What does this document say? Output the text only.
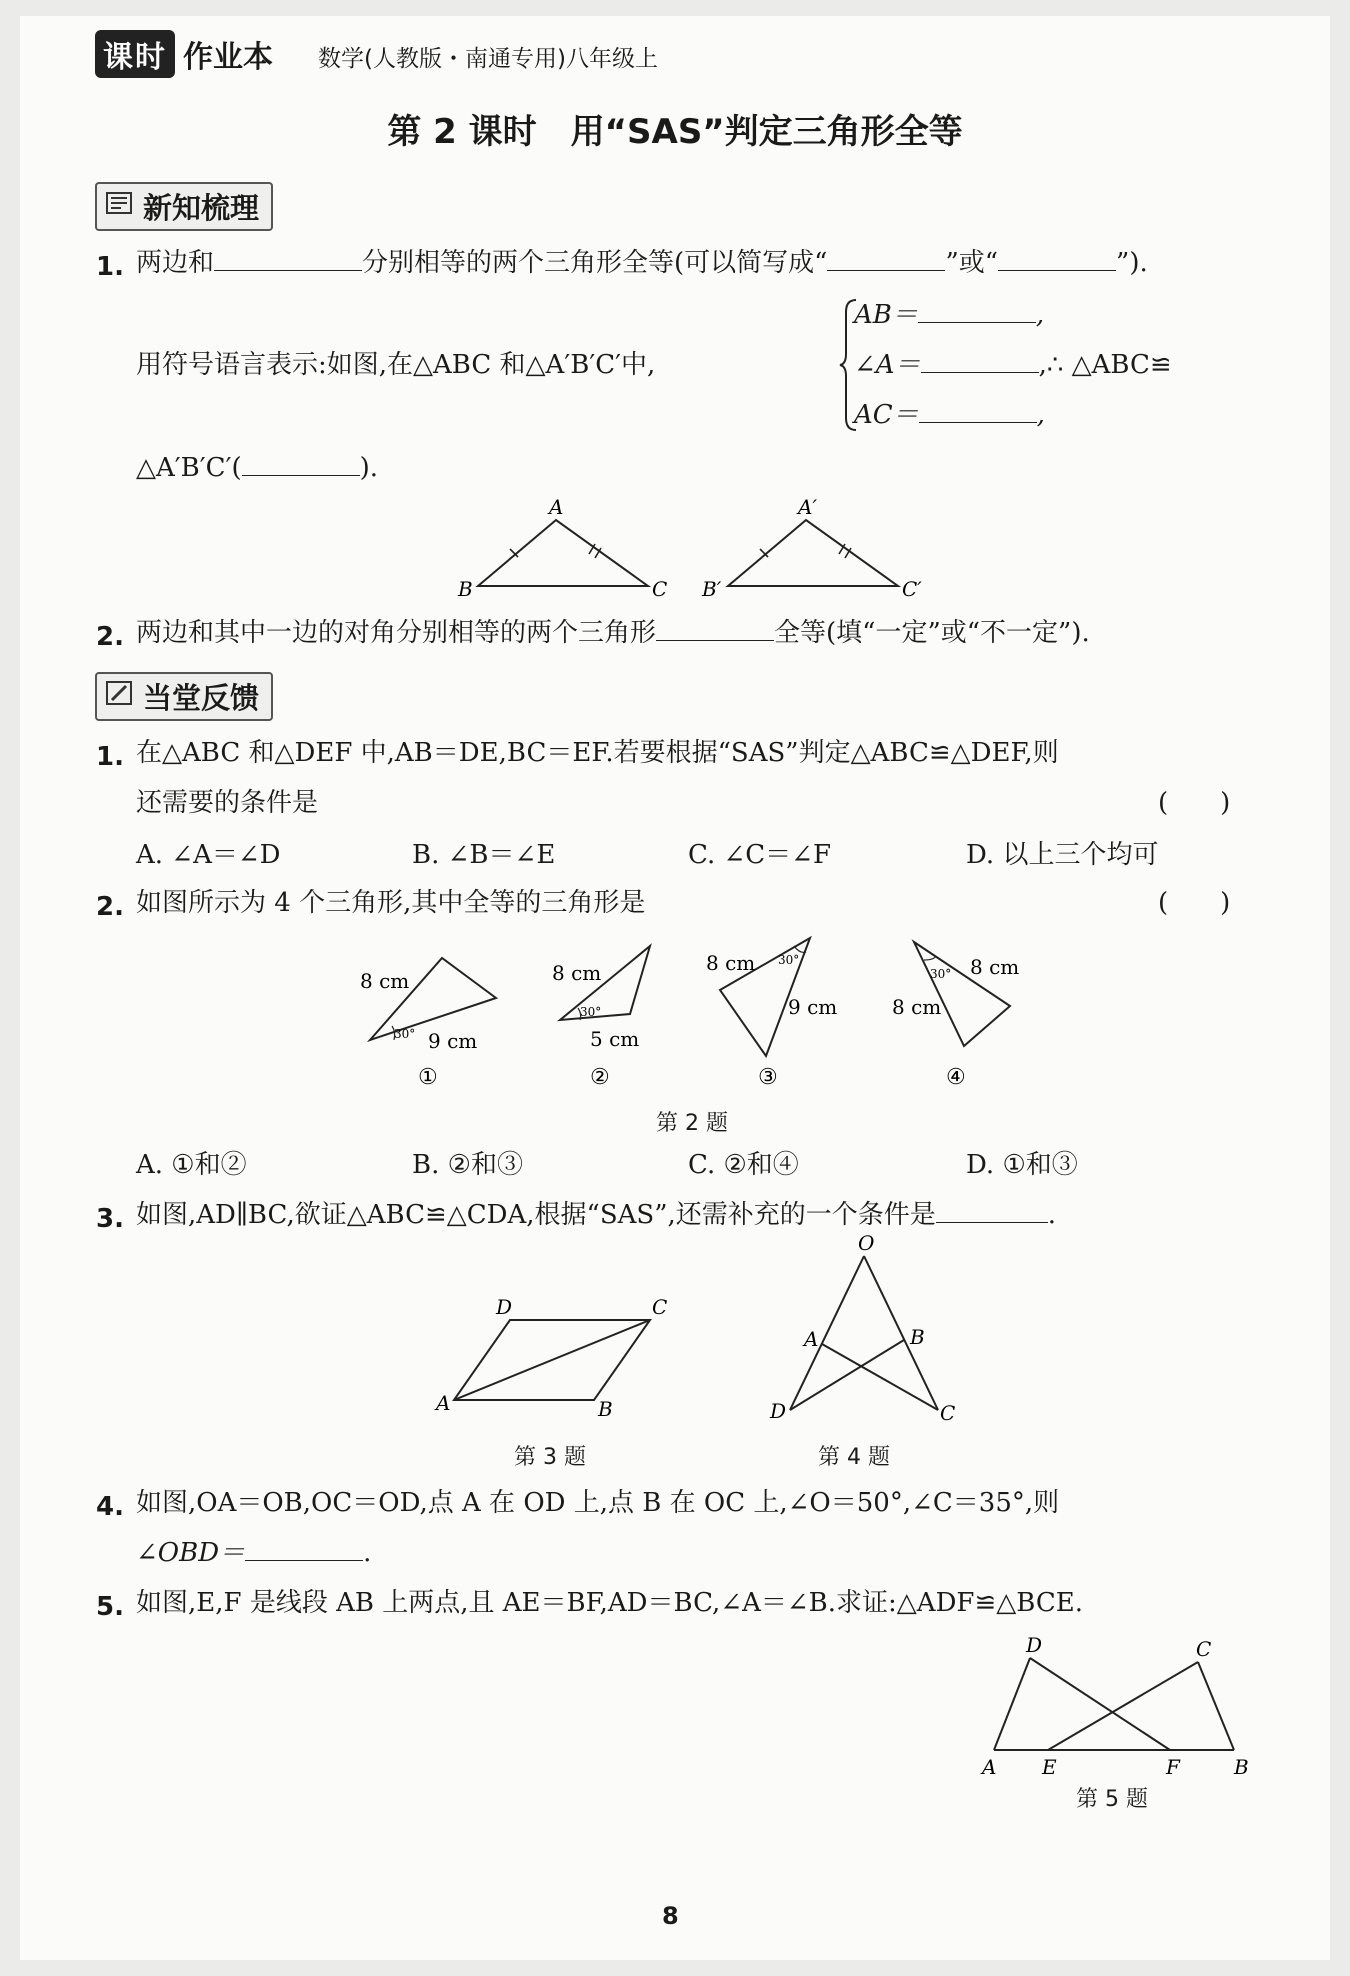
课时 作业本 数学(人教版・南通专用)八年级上
第 2 课时　用“SAS”判定三角形全等
新知梳理
1. 两边和	分别相等的两个三角形全等(可以简写成“	”或“	”).
用符号语言表示:如图,在△ABC 和△A′B′C′中,
AB＝	,
∠A＝	,∴ △ABC≌
AC＝	,
△A′B′C′(	).
A
B	C
A′
B′	C′
2. 两边和其中一边的对角分别相等的两个三角形	全等(填“一定”或“不一定”).
当堂反馈
1. 在△ABC 和△DEF 中,AB＝DE,BC＝EF.若要根据“SAS”判定△ABC≌△DEF,则
还需要的条件是	(　　)
A. ∠A＝∠D	B. ∠B＝∠E	C. ∠C＝∠F	D. 以上三个均可
2. 如图所示为 4 个三角形,其中全等的三角形是	(　　)
8 cm
30° 9 cm
①
8 cm
30°
5 cm
②
8 cm 30°
9 cm
③
30° 8 cm
8 cm
④
第 2 题
A. ①和②	B. ②和③	C. ②和④	D. ①和③
3. 如图,AD∥BC,欲证△ABC≌△CDA,根据“SAS”,还需补充的一个条件是	.
D	C
A	B
O
A	B
D	C
第 3 题	第 4 题
4. 如图,OA＝OB,OC＝OD,点 A 在 OD 上,点 B 在 OC 上,∠O＝50°,∠C＝35°,则
∠OBD＝	.
5. 如图,E,F 是线段 AB 上两点,且 AE＝BF,AD＝BC,∠A＝∠B.求证:△ADF≌△BCE.
D	C
A E	F	B
第 5 题
8
